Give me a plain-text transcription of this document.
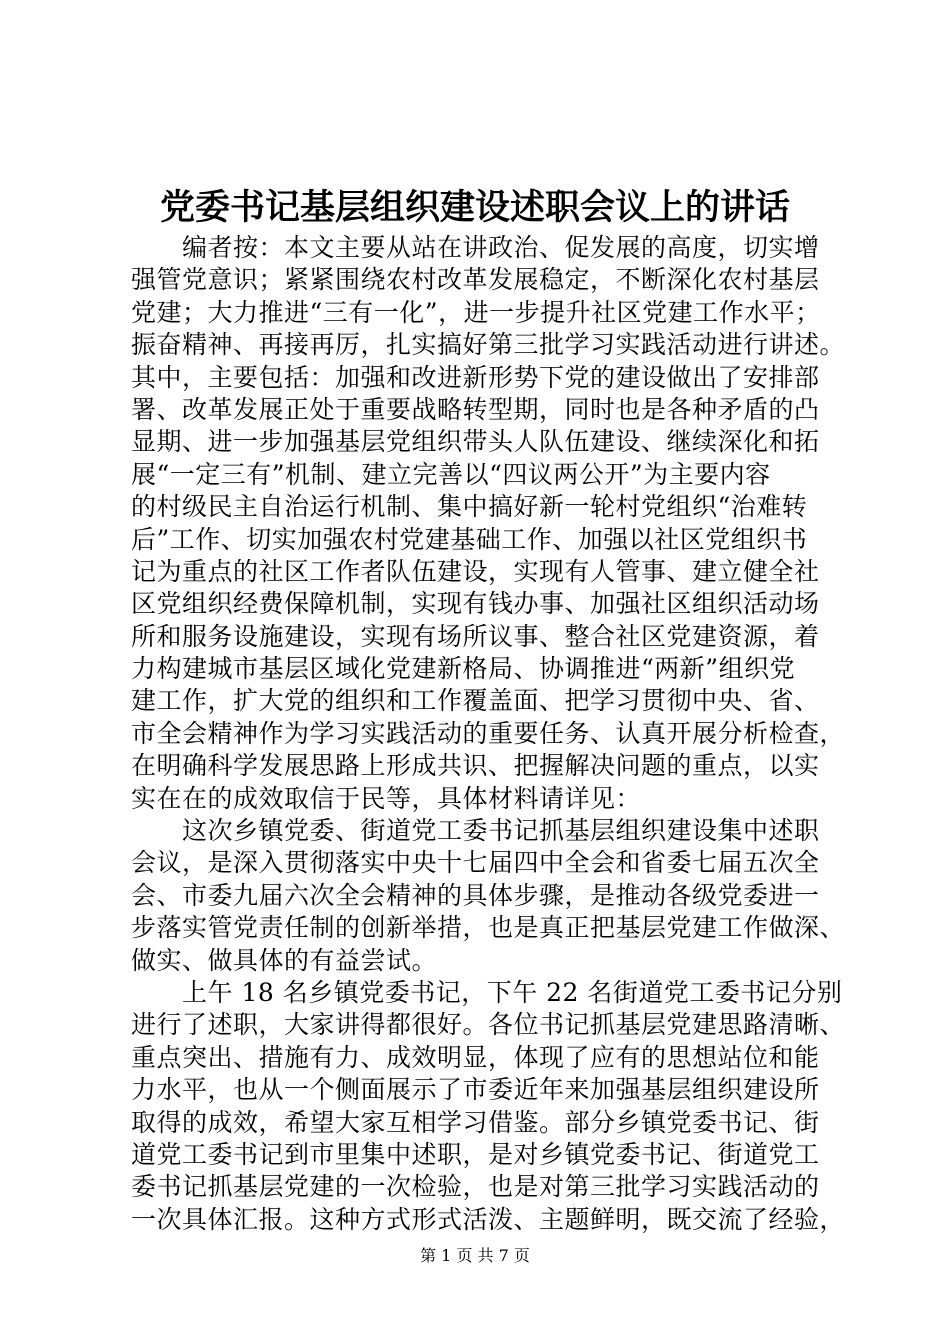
党委书记基层组织建设述职会议上的讲话
编者按：本文主要从站在讲政治、促发展的高度，切实增
强管党意识；紧紧围绕农村改革发展稳定，不断深化农村基层
党建；大力推进“三有一化”，进一步提升社区党建工作水平；
振奋精神、再接再厉，扎实搞好第三批学习实践活动进行讲述。
其中，主要包括：加强和改进新形势下党的建设做出了安排部
署、改革发展正处于重要战略转型期，同时也是各种矛盾的凸
显期、进一步加强基层党组织带头人队伍建设、继续深化和拓
展“一定三有”机制、建立完善以“四议两公开”为主要内容
的村级民主自治运行机制、集中搞好新一轮村党组织“治难转
后”工作、切实加强农村党建基础工作、加强以社区党组织书
记为重点的社区工作者队伍建设，实现有人管事、建立健全社
区党组织经费保障机制，实现有钱办事、加强社区组织活动场
所和服务设施建设，实现有场所议事、整合社区党建资源，着
力构建城市基层区域化党建新格局、协调推进“两新”组织党
建工作，扩大党的组织和工作覆盖面、把学习贯彻中央、省、
市全会精神作为学习实践活动的重要任务、认真开展分析检查，
在明确科学发展思路上形成共识、把握解决问题的重点，以实
实在在的成效取信于民等，具体材料请详见：
这次乡镇党委、街道党工委书记抓基层组织建设集中述职
会议，是深入贯彻落实中央十七届四中全会和省委七届五次全
会、市委九届六次全会精神的具体步骤，是推动各级党委进一
步落实管党责任制的创新举措，也是真正把基层党建工作做深、
做实、做具体的有益尝试。
上午 18 名乡镇党委书记，下午 22 名街道党工委书记分别
进行了述职，大家讲得都很好。各位书记抓基层党建思路清晰、
重点突出、措施有力、成效明显，体现了应有的思想站位和能
力水平，也从一个侧面展示了市委近年来加强基层组织建设所
取得的成效，希望大家互相学习借鉴。部分乡镇党委书记、街
道党工委书记到市里集中述职，是对乡镇党委书记、街道党工
委书记抓基层党建的一次检验，也是对第三批学习实践活动的
一次具体汇报。这种方式形式活泼、主题鲜明，既交流了经验，
第 1 页 共 7 页
